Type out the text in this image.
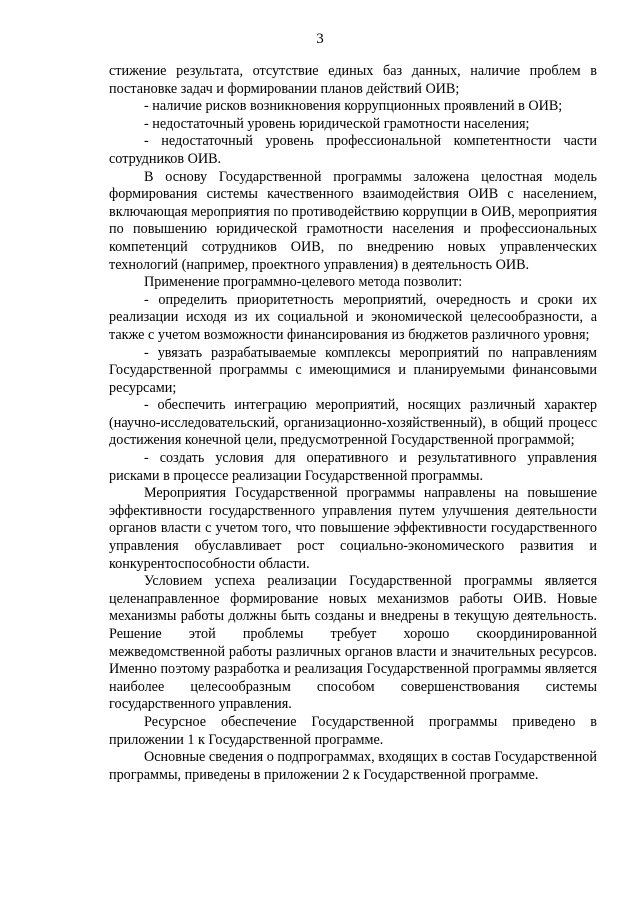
3

стижение результата, отсутствие единых баз данных, наличие проблем в постановке задач и формировании планов действий ОИВ;

- наличие рисков возникновения коррупционных проявлений в ОИВ;

- недостаточный уровень юридической грамотности населения;

- недостаточный уровень профессиональной компетентности части сотрудников ОИВ.

В основу Государственной программы заложена целостная модель формирования системы качественного взаимодействия ОИВ с населением, включающая мероприятия по противодействию коррупции в ОИВ, мероприятия по повышению юридической грамотности населения и профессиональных компетенций сотрудников ОИВ, по внедрению новых управленческих технологий (например, проектного управления) в деятельность ОИВ.

Применение программно-целевого метода позволит:

- определить приоритетность мероприятий, очередность и сроки их реализации исходя из их социальной и экономической целесообразности, а также с учетом возможности финансирования из бюджетов различного уровня;

- увязать разрабатываемые комплексы мероприятий по направлениям Государственной программы с имеющимися и планируемыми финансовыми ресурсами;

- обеспечить интеграцию мероприятий, носящих различный характер (научно-исследовательский, организационно-хозяйственный), в общий процесс достижения конечной цели, предусмотренной Государственной программой;

- создать условия для оперативного и результативного управления рисками в процессе реализации Государственной программы.

Мероприятия Государственной программы направлены на повышение эффективности государственного управления путем улучшения деятельности органов власти с учетом того, что повышение эффективности государственного управления обуславливает рост социально-экономического развития и конкурентоспособности области.

Условием успеха реализации Государственной программы является целенаправленное формирование новых механизмов работы ОИВ. Новые механизмы работы должны быть созданы и внедрены в текущую деятельность. Решение этой проблемы требует хорошо скоординированной межведомственной работы различных органов власти и значительных ресурсов. Именно поэтому разработка и реализация Государственной программы является наиболее целесообразным способом совершенствования системы государственного управления.

Ресурсное обеспечение Государственной программы приведено в приложении 1 к Государственной программе.

Основные сведения о подпрограммах, входящих в состав Государственной программы, приведены в приложении 2 к Государственной программе.
